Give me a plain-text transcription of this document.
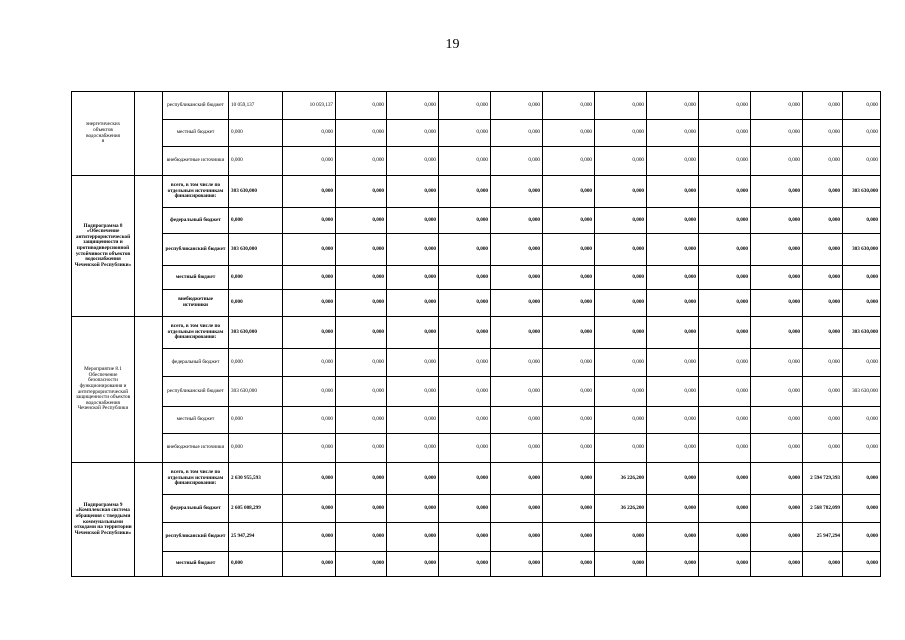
19
энергетических
объектов
водоснабжения
я		республиканский бюджет	10 059,137	10 059,137	0,000	0,000	0,000	0,000	0,000	0,000	0,000	0,000	0,000	0,000	0,000
		местный бюджет	0,000	0,000	0,000	0,000	0,000	0,000	0,000	0,000	0,000	0,000	0,000	0,000	0,000
		внебюджетные источники	0,000	0,000	0,000	0,000	0,000	0,000	0,000	0,000	0,000	0,000	0,000	0,000	0,000
Подпрограмма 8 «Обеспечение антитеррористической защищенности и противодиверсионной устойчивости объектов водоснабжения Чеченской Республики»		всего, в том числе по отдельным источникам финансирования:	303 630,000	0,000	0,000	0,000	0,000	0,000	0,000	0,000	0,000	0,000	0,000	0,000	303 630,000
		федеральный бюджет	0,000	0,000	0,000	0,000	0,000	0,000	0,000	0,000	0,000	0,000	0,000	0,000	0,000
		республиканский бюджет	303 630,000	0,000	0,000	0,000	0,000	0,000	0,000	0,000	0,000	0,000	0,000	0,000	303 630,000
		местный бюджет	0,000	0,000	0,000	0,000	0,000	0,000	0,000	0,000	0,000	0,000	0,000	0,000	0,000
		внебюджетные источники	0,000	0,000	0,000	0,000	0,000	0,000	0,000	0,000	0,000	0,000	0,000	0,000	0,000
Мероприятие 8.1 Обеспечение безопасности функционирования и антитеррористической защищенности объектов водоснабжения Чеченской Республики		всего, в том числе по отдельным источникам финансирования:	303 630,000	0,000	0,000	0,000	0,000	0,000	0,000	0,000	0,000	0,000	0,000	0,000	303 630,000
		федеральный бюджет	0,000	0,000	0,000	0,000	0,000	0,000	0,000	0,000	0,000	0,000	0,000	0,000	0,000
		республиканский бюджет	303 630,000	0,000	0,000	0,000	0,000	0,000	0,000	0,000	0,000	0,000	0,000	0,000	303 630,000
		местный бюджет	0,000	0,000	0,000	0,000	0,000	0,000	0,000	0,000	0,000	0,000	0,000	0,000	0,000
		внебюджетные источники	0,000	0,000	0,000	0,000	0,000	0,000	0,000	0,000	0,000	0,000	0,000	0,000	0,000
Подпрограмма 9 «Комплексная система обращения с твердыми коммунальными отходами на территории Чеченской Республики»		всего, в том числе по отдельным источникам финансирования:	2 630 955,593	0,000	0,000	0,000	0,000	0,000	0,000	36 226,200	0,000	0,000	0,000	2 594 729,393	0,000
		федеральный бюджет	2 605 008,299	0,000	0,000	0,000	0,000	0,000	0,000	36 226,200	0,000	0,000	0,000	2 568 782,099	0,000
		республиканский бюджет	25 947,294	0,000	0,000	0,000	0,000	0,000	0,000	0,000	0,000	0,000	0,000	25 947,294	0,000
		местный бюджет	0,000	0,000	0,000	0,000	0,000	0,000	0,000	0,000	0,000	0,000	0,000	0,000	0,000
